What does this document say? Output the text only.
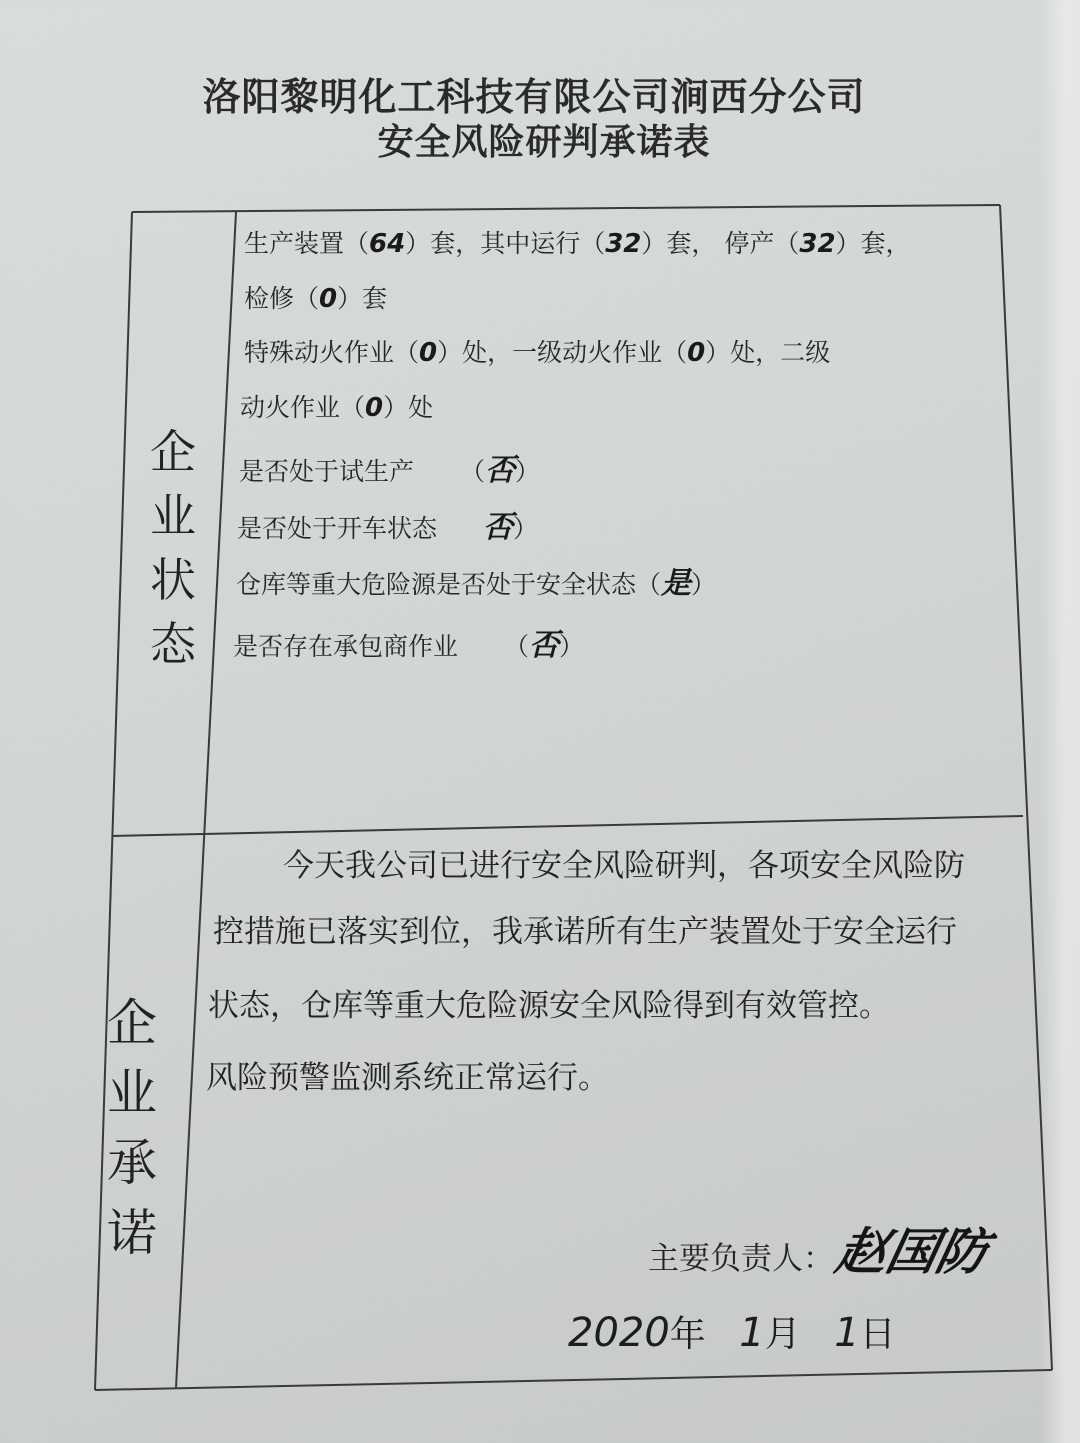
洛阳黎明化工科技有限公司涧西分公司
安全风险研判承诺表
企
业
状
态
生产装置（64）套，其中运行（32）套， 停产（32）套，
检修（0）套
特殊动火作业（0）处，一级动火作业（0）处，二级
动火作业（0）处
是否处于试生产 （否）
是否处于开车状态 否）
仓库等重大危险源是否处于安全状态（是）
是否存在承包商作业 （否）
企
业
承
诺
今天我公司已进行安全风险研判，各项安全风险防
控措施已落实到位，我承诺所有生产装置处于安全运行
状态，仓库等重大危险源安全风险得到有效管控。
风险预警监测系统正常运行。
主要负责人：
赵国防
2020年 1月 1日
